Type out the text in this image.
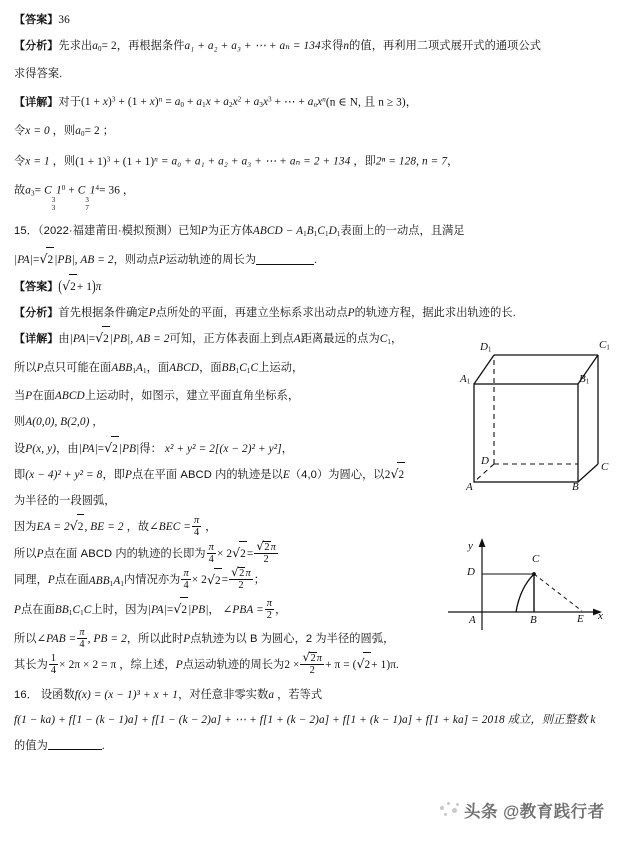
【答案】36
【分析】先求出a0= 2，再根据条件a₁ + a₂ + a₃ + ⋯ + aₙ = 134求得n的值，再利用二项式展开式的通项公式
求得答案.
【详解】对于$(1 + x)^3 + (1 + x)^n = a0 + a1x + a2x^2 + a3x^3$ + ⋯ + anx$^n$(n ∈ N, 且 n ≥ 3)，
令x = 0 ，则a0= 2 ；
令x = 1 ，则$(1 + 1)^3 + (1 + 1)^n = a_0 + a_1 + a_2 + a_3$ + ⋯ + aₙ = 2 + 134 ，即2ⁿ = 128, n = 7，
故a3= C
3
3
$1^0 + C$
3
7
$1^4= 36$ ，
15．（2022·福建莆田·模拟预测）已知P为正方体ABCD − A1B1C1D1表面上的一动点，且满足
| PA | = √ 2 | PB | , AB = 2，则动点P运动轨迹的周长为	.
【答案】( √ 2+ 1)π
【分析】首先根据条件确定P点所处的平面，再建立坐标系求出动点P的轨迹方程，据此求出轨迹的长.
【详解】由 | PA | = √ 2 | PB | , AB = 2可知，正方体表面上到点A距离最远的点为C1，
所以P点只可能在面ABB1A1，面ABCD，面BB1C1C上运动，
当P在面ABCD上运动时，如图示，建立平面直角坐标系，
则A(0,0), B(2,0) ，
设P(x, y)，由 | PA | = √ 2 | PB | 得： x² + y² = 2[(x − 2)² + y²]，
即(x − 4)² + y² = 8，即P点在平面 ABCD 内的轨迹是以E（4,0）为圆心，以2 √ 2
为半径的一段圆弧，
因为EA = 2 √ 2, BE = 2 ，故∠BEC = $\frac{\pi}{4}$ ，
所以P点在面 ABCD 内的轨迹的长即为 $\frac{\pi}{4} \times 2$ √ 2= √ $\frac{2\pi}{2}$
同理，P点在面ABB1A1内情况亦为 $\frac{\pi}{4} \times 2$ √ 2= √ $\frac{2\pi}{2}$ ；
P点在面BB1C1C上时，因为 | PA | = √ 2 | PB | ， ∠PBA = $\frac{\pi}{2}$ ，
所以∠PAB = $\frac{\pi}{4}$ , PB = 2，所以此时P点轨迹为以 B 为圆心，2 为半径的圆弧，
其长为 $\frac{1}{4} \times 2\pi \times 2 = \pi$ ，综上述，P点运动轨迹的周长为2 × √ $\frac{2\pi}{2} + \pi$ = ( √ 2+ 1)π.
16． 设函数f(x) = (x − 1)³ + x + 1，对任意非零实数a ，若等式
f(1 − ka) + f[1 − (k − 1)a] + f[1 − (k − 2)a] + ⋯ + f[1 + (k − 2)a] + f[1 + (k − 1)a] + f[1 + ka] = 2018 成立，则正整数 k
的值为	.
D1	C1
A1	B1
D	C
A	B
y
x
D
C
A	B	E
头条 @教育践行者
